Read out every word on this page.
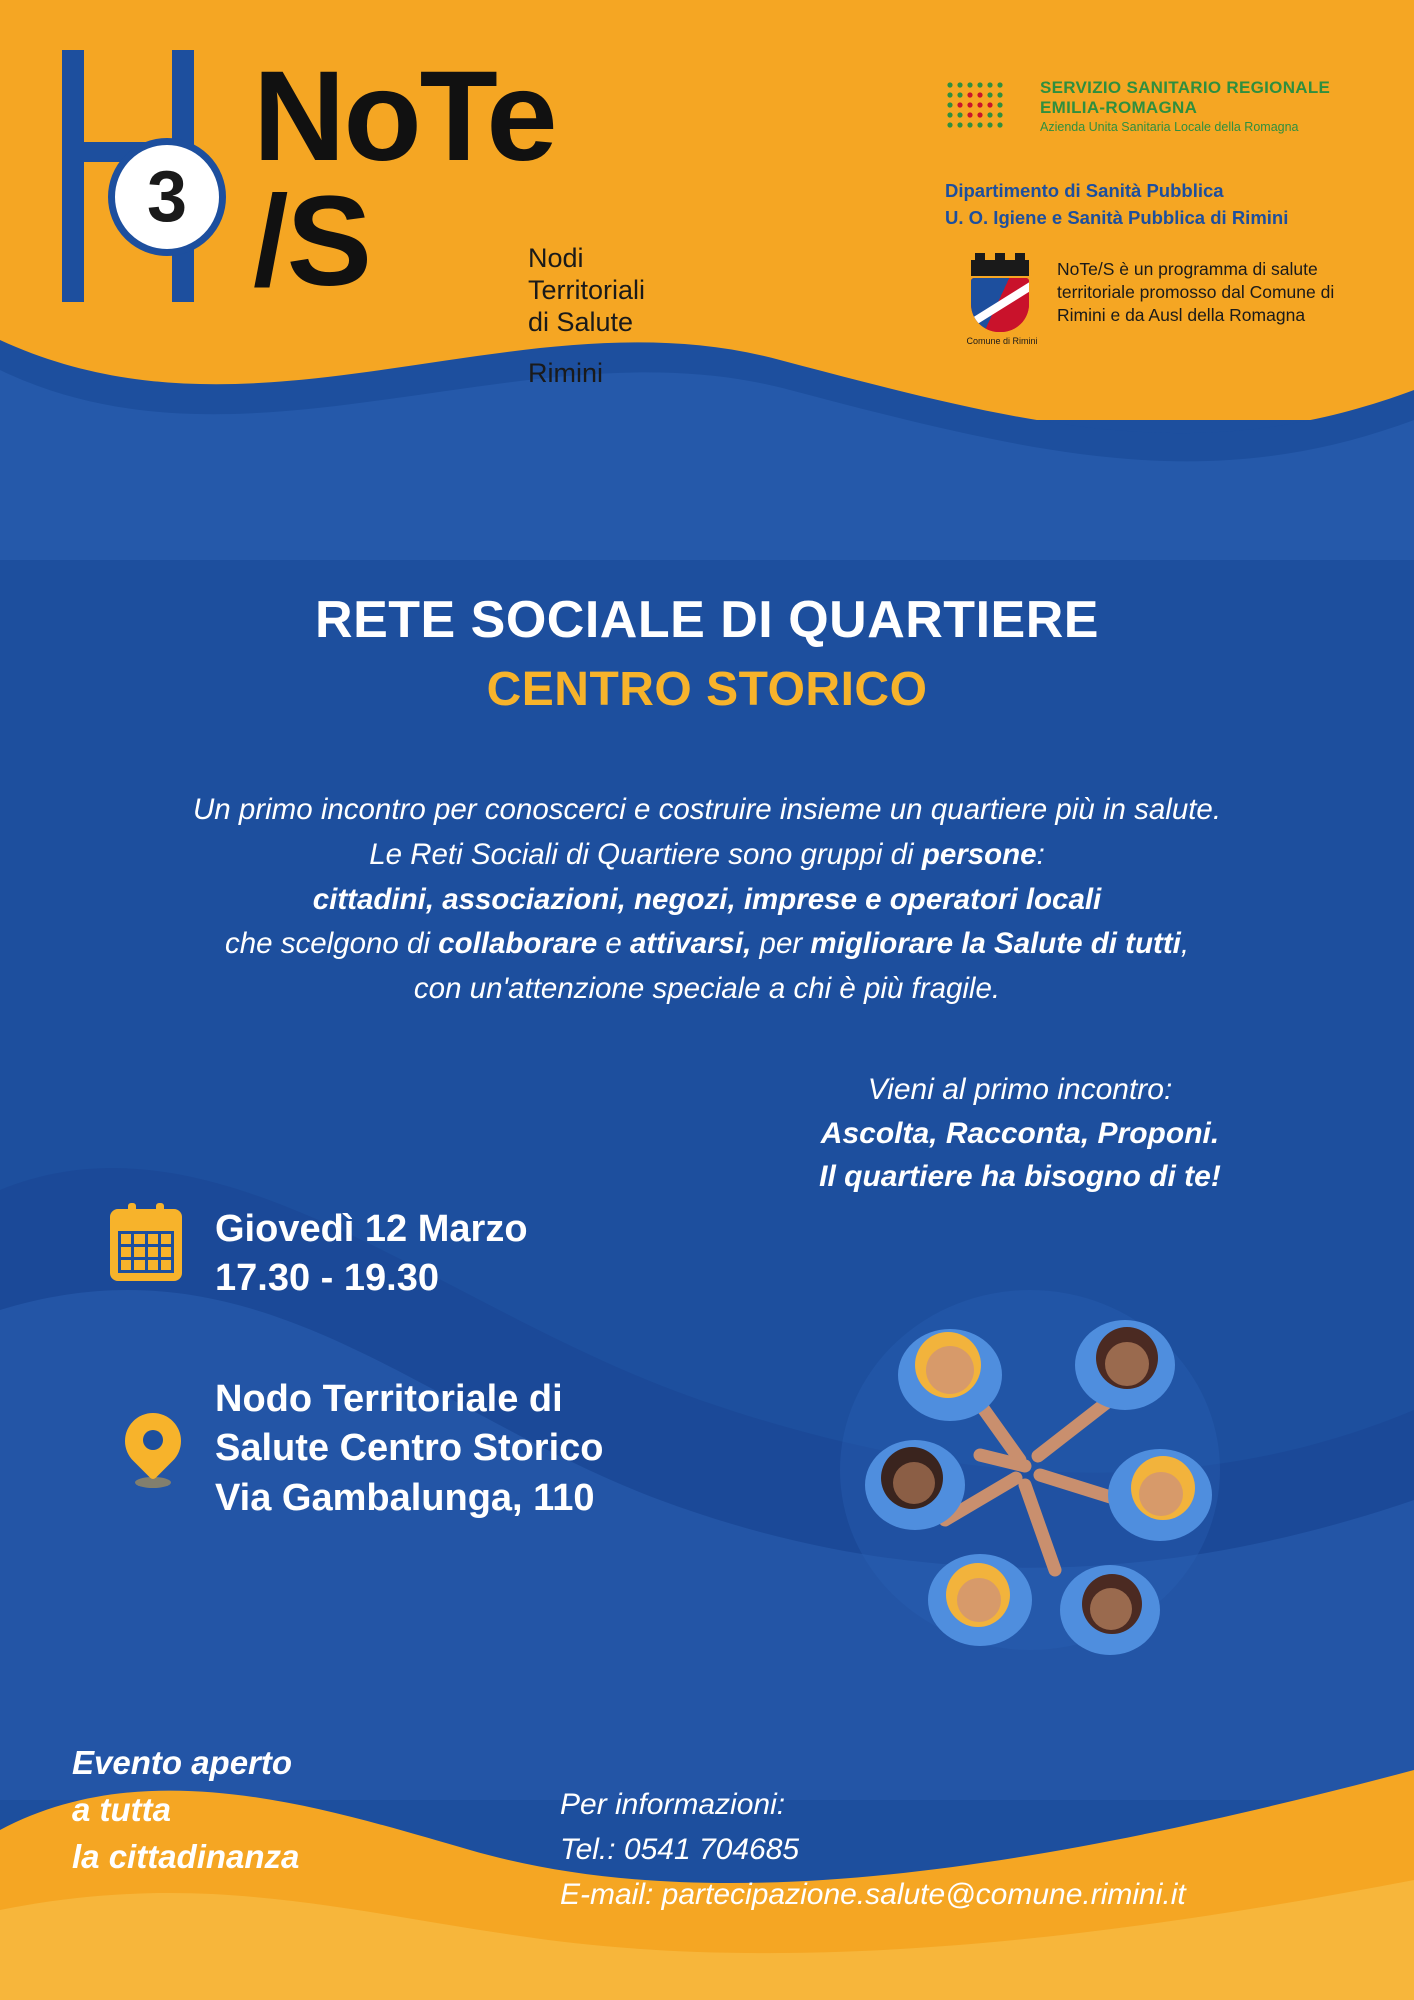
3
NoTe
/S	Nodi
Territoriali
di Salute
Rimini
SERVIZIO SANITARIO REGIONALE
EMILIA-ROMAGNA
Azienda Unita Sanitaria Locale della Romagna
Dipartimento di Sanità Pubblica
U. O. Igiene e Sanità Pubblica di Rimini
Comune di Rimini
NoTe/S è un programma di salute territoriale promosso dal Comune di Rimini e da Ausl della Romagna
RETE SOCIALE DI QUARTIERE
CENTRO STORICO
Un primo incontro per conoscerci e costruire insieme un quartiere più in salute.
Le Reti Sociali di Quartiere sono gruppi di persone:
cittadini, associazioni, negozi, imprese e operatori locali
che scelgono di collaborare e attivarsi, per migliorare la Salute di tutti,
con un'attenzione speciale a chi è più fragile.
Vieni al primo incontro:
Ascolta, Racconta, Proponi.
Il quartiere ha bisogno di te!
Giovedì 12 Marzo
17.30 - 19.30
Nodo Territoriale di
Salute Centro Storico
Via Gambalunga, 110
Evento aperto
a tutta
la cittadinanza
Per informazioni:
Tel.: 0541 704685
E-mail: partecipazione.salute@comune.rimini.it
